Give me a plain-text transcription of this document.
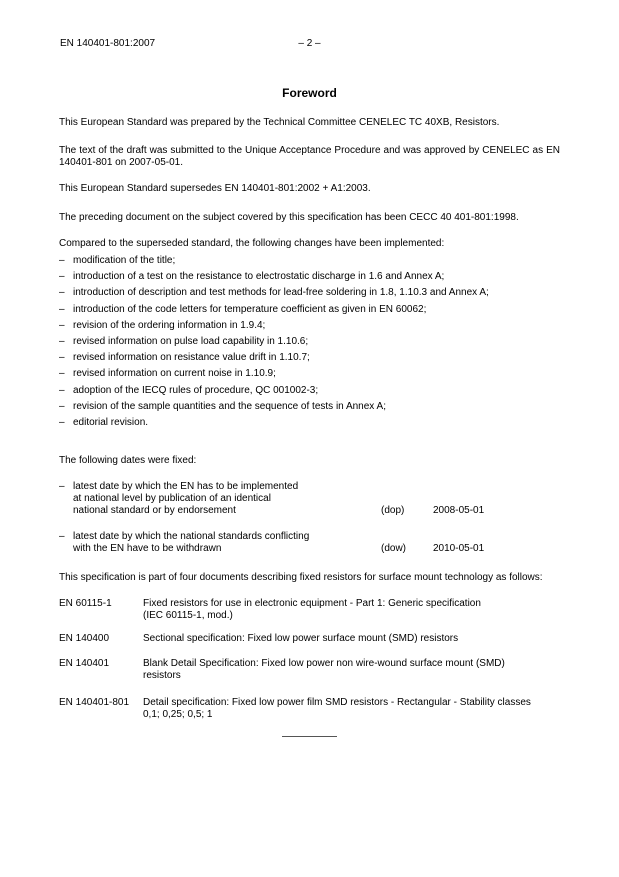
EN 140401-801:2007	– 2 –
Foreword
This European Standard was prepared by the Technical Committee CENELEC TC 40XB, Resistors.
The text of the draft was submitted to the Unique Acceptance Procedure and was approved by CENELEC as EN 140401-801 on 2007-05-01.
This European Standard supersedes EN 140401-801:2002 + A1:2003.
The preceding document on the subject covered by this specification has been CECC 40 401-801:1998.
Compared to the superseded standard, the following changes have been implemented:
– modification of the title;
– introduction of a test on the resistance to electrostatic discharge in 1.6 and Annex A;
– introduction of description and test methods for lead-free soldering in 1.8, 1.10.3 and Annex A;
– introduction of the code letters for temperature coefficient as given in EN 60062;
– revision of the ordering information in 1.9.4;
– revised information on pulse load capability in 1.10.6;
– revised information on resistance value drift in 1.10.7;
– revised information on current noise in 1.10.9;
– adoption of the IECQ rules of procedure, QC 001002-3;
– revision of the sample quantities and the sequence of tests in Annex A;
– editorial revision.
The following dates were fixed:
– latest date by which the EN has to be implemented
at national level by publication of an identical
national standard or by endorsement	(dop)	2008-05-01
– latest date by which the national standards conflicting
with the EN have to be withdrawn	(dow)	2010-05-01
This specification is part of four documents describing fixed resistors for surface mount technology as follows:
EN 60115-1	Fixed resistors for use in electronic equipment - Part 1: Generic specification
(IEC 60115-1, mod.)
EN 140400	Sectional specification: Fixed low power surface mount (SMD) resistors
EN 140401	Blank Detail Specification: Fixed low power non wire-wound surface mount (SMD)
resistors
EN 140401-801 Detail specification: Fixed low power film SMD resistors - Rectangular - Stability classes
0,1; 0,25; 0,5; 1
